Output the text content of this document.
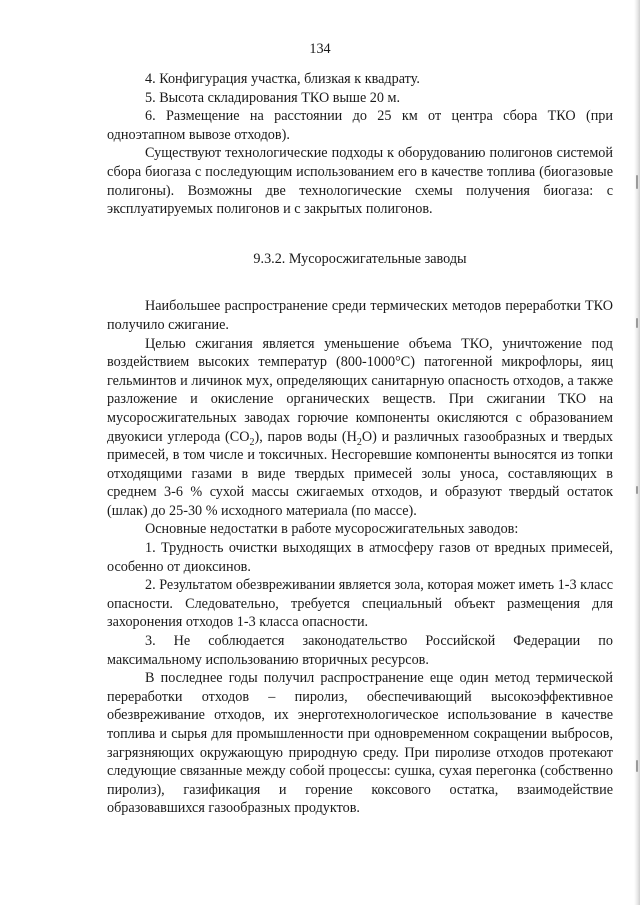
134

4. Конфигурация участка, близкая к квадрату.

5. Высота складирования ТКО выше 20 м.

6. Размещение на расстоянии до 25 км от центра сбора ТКО (при одноэтапном вывозе отходов).

Существуют технологические подходы к оборудованию полигонов системой сбора биогаза с последующим использованием его в качестве топлива (биогазовые полигоны). Возможны две технологические схемы получения биогаза: с эксплуатируемых полигонов и с закрытых полигонов.

9.3.2. Мусоросжигательные заводы

Наибольшее распространение среди термических методов переработки ТКО получило сжигание.

Целью сжигания является уменьшение объема ТКО, уничтожение под воздействием высоких температур (800-1000°C) патогенной микрофлоры, яиц гельминтов и личинок мух, определяющих санитарную опасность отходов, а также разложение и окисление органических веществ. При сжигании ТКО на мусоросжигательных заводах горючие компоненты окисляются с образованием двуокиси углерода $(CO_2)$, паров воды $(H_2O)$ и различных газообразных и твердых примесей, в том числе и токсичных. Несгоревшие компоненты выносятся из топки отходящими газами в виде твердых примесей золы уноса, составляющих в среднем 3-6 % сухой массы сжигаемых отходов, и образуют твердый остаток (шлак) до 25-30 % исходного материала (по массе).

Основные недостатки в работе мусоросжигательных заводов:

1. Трудность очистки выходящих в атмосферу газов от вредных примесей, особенно от диоксинов.

2. Результатом обезвреживании является зола, которая может иметь 1-3 класс опасности. Следовательно, требуется специальный объект размещения для захоронения отходов 1-3 класса опасности.

3. Не соблюдается законодательство Российской Федерации по максимальному использованию вторичных ресурсов.

В последнее годы получил распространение еще один метод термической переработки отходов – пиролиз, обеспечивающий высокоэффективное обезвреживание отходов, их энерготехнологическое использование в качестве топлива и сырья для промышленности при одновременном сокращении выбросов, загрязняющих окружающую природную среду. При пиролизе отходов протекают следующие связанные между собой процессы: сушка, сухая перегонка (собственно пиролиз), газификация и горение коксового остатка, взаимодействие образовавшихся газообразных продуктов.
